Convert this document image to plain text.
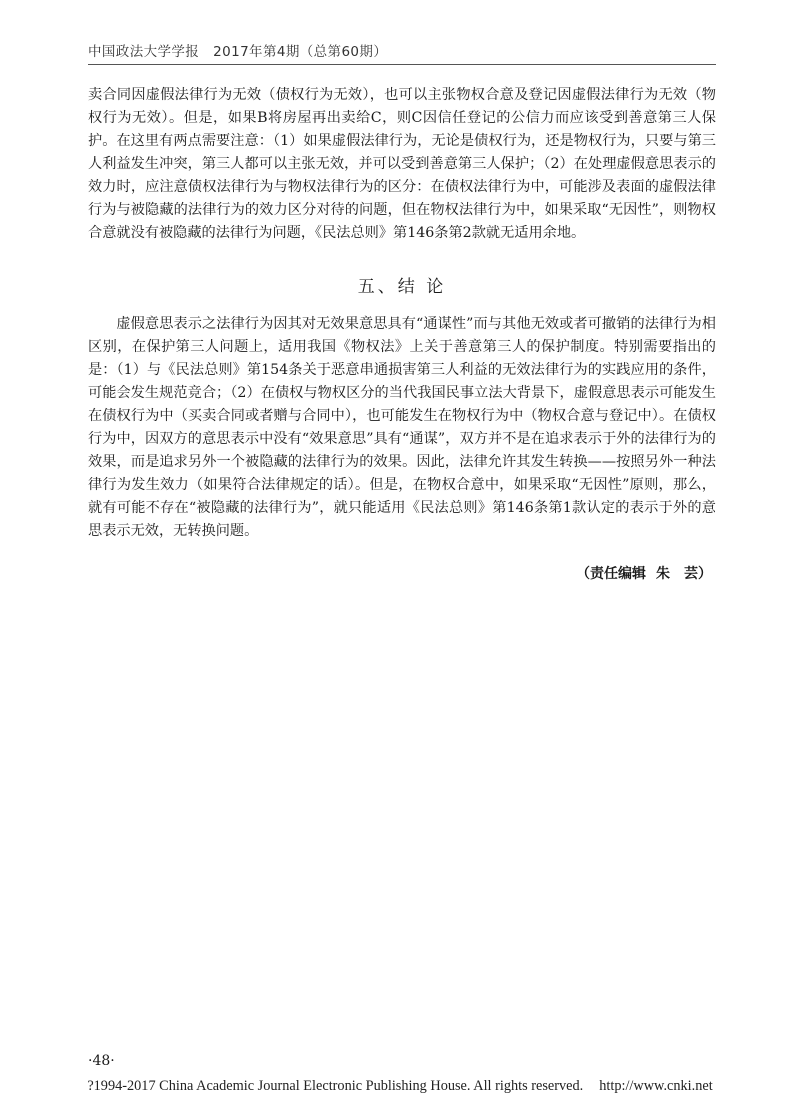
中国政法大学学报　2017年第4期（总第60期）

卖合同因虚假法律行为无效（债权行为无效），也可以主张物权合意及登记因虚假法律行为无效（物权行为无效）。但是，如果B将房屋再出卖给C，则C因信任登记的公信力而应该受到善意第三人保护。在这里有两点需要注意：（1）如果虚假法律行为，无论是债权行为，还是物权行为，只要与第三人利益发生冲突，第三人都可以主张无效，并可以受到善意第三人保护；（2）在处理虚假意思表示的效力时，应注意债权法律行为与物权法律行为的区分：在债权法律行为中，可能涉及表面的虚假法律行为与被隐藏的法律行为的效力区分对待的问题，但在物权法律行为中，如果采取“无因性”，则物权合意就没有被隐藏的法律行为问题，《民法总则》第146条第2款就无适用余地。

五、结 论

虚假意思表示之法律行为因其对无效果意思具有“通谋性”而与其他无效或者可撤销的法律行为相区别，在保护第三人问题上，适用我国《物权法》上关于善意第三人的保护制度。特别需要指出的是：（1）与《民法总则》第154条关于恶意串通损害第三人利益的无效法律行为的实践应用的条件，可能会发生规范竞合；（2）在债权与物权区分的当代我国民事立法大背景下，虚假意思表示可能发生在债权行为中（买卖合同或者赠与合同中），也可能发生在物权行为中（物权合意与登记中）。在债权行为中，因双方的意思表示中没有“效果意思”具有“通谋”，双方并不是在追求表示于外的法律行为的效果，而是追求另外一个被隐藏的法律行为的效果。因此，法律允许其发生转换——按照另外一种法律行为发生效力（如果符合法律规定的话）。但是，在物权合意中，如果采取“无因性”原则，那么，就有可能不存在“被隐藏的法律行为”，就只能适用《民法总则》第146条第1款认定的表示于外的意思表示无效，无转换问题。

（责任编辑 朱　芸）
·48·
?1994-2017 China Academic Journal Electronic Publishing House. All rights reserved. http://www.cnki.net
